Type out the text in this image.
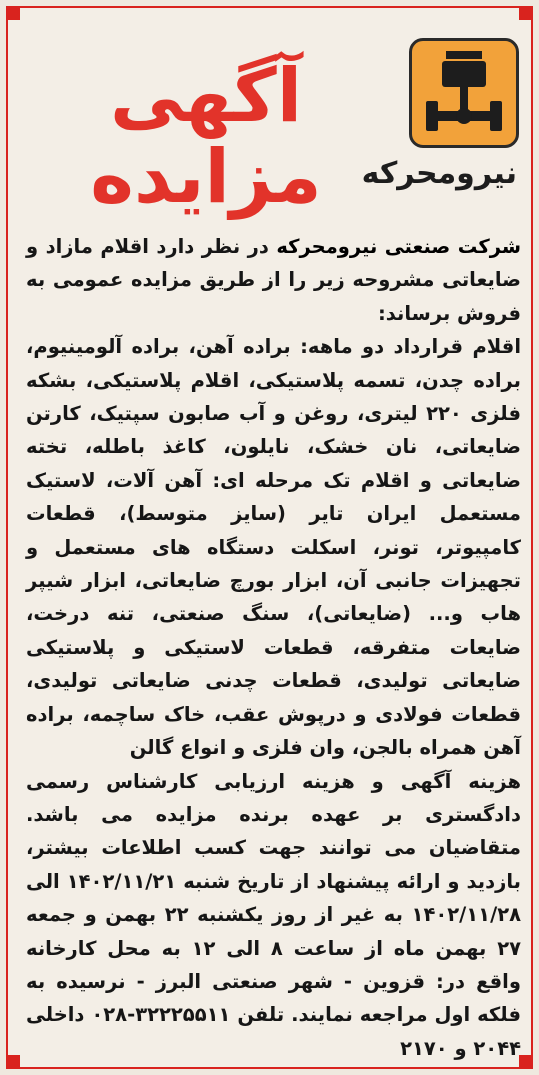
نیرومحرکه
آگهی مزایده

شرکت صنعتی نیرومحرکه در نظر دارد اقلام مازاد و ضایعاتی مشروحه زیر را از طریق مزایده عمومی به فروش برساند:

اقلام قرارداد دو ماهه: براده آهن، براده آلومینیوم، براده چدن، تسمه پلاستیکی، اقلام پلاستیکی، بشکه فلزی ۲۲۰ لیتری، روغن و آب صابون سپتیک، کارتن ضایعاتی، نان خشک، نایلون، کاغذ باطله، تخته ضایعاتی و اقلام تک مرحله ای: آهن آلات، لاستیک مستعمل ایران تایر (سایز متوسط)، قطعات کامپیوتر، تونر، اسکلت دستگاه های مستعمل و تجهیزات جانبی آن، ابزار بورچ ضایعاتی، ابزار شیپر هاب و... (ضایعاتی)، سنگ صنعتی، تنه درخت، ضایعات متفرقه، قطعات لاستیکی و پلاستیکی ضایعاتی تولیدی، قطعات چدنی ضایعاتی تولیدی، قطعات فولادی و درپوش عقب، خاک ساچمه، براده آهن همراه بالجن، وان فلزی و انواع گالن

هزینه آگهی و هزینه ارزیابی کارشناس رسمی دادگستری بر عهده برنده مزایده می باشد. متقاضیان می توانند جهت کسب اطلاعات بیشتر، بازدید و ارائه پیشنهاد از تاریخ شنبه ۱۴۰۲/۱۱/۲۱ الی ۱۴۰۲/۱۱/۲۸ به غیر از روز یکشنبه ۲۲ بهمن و جمعه ۲۷ بهمن ماه از ساعت ۸ الی ۱۲ به محل کارخانه واقع در: قزوین - شهر صنعتی البرز - نرسیده به فلکه اول مراجعه نمایند. تلفن ۳۲۲۲۵۵۱۱-۰۲۸ داخلی ۲۰۴۴ و ۲۱۷۰
